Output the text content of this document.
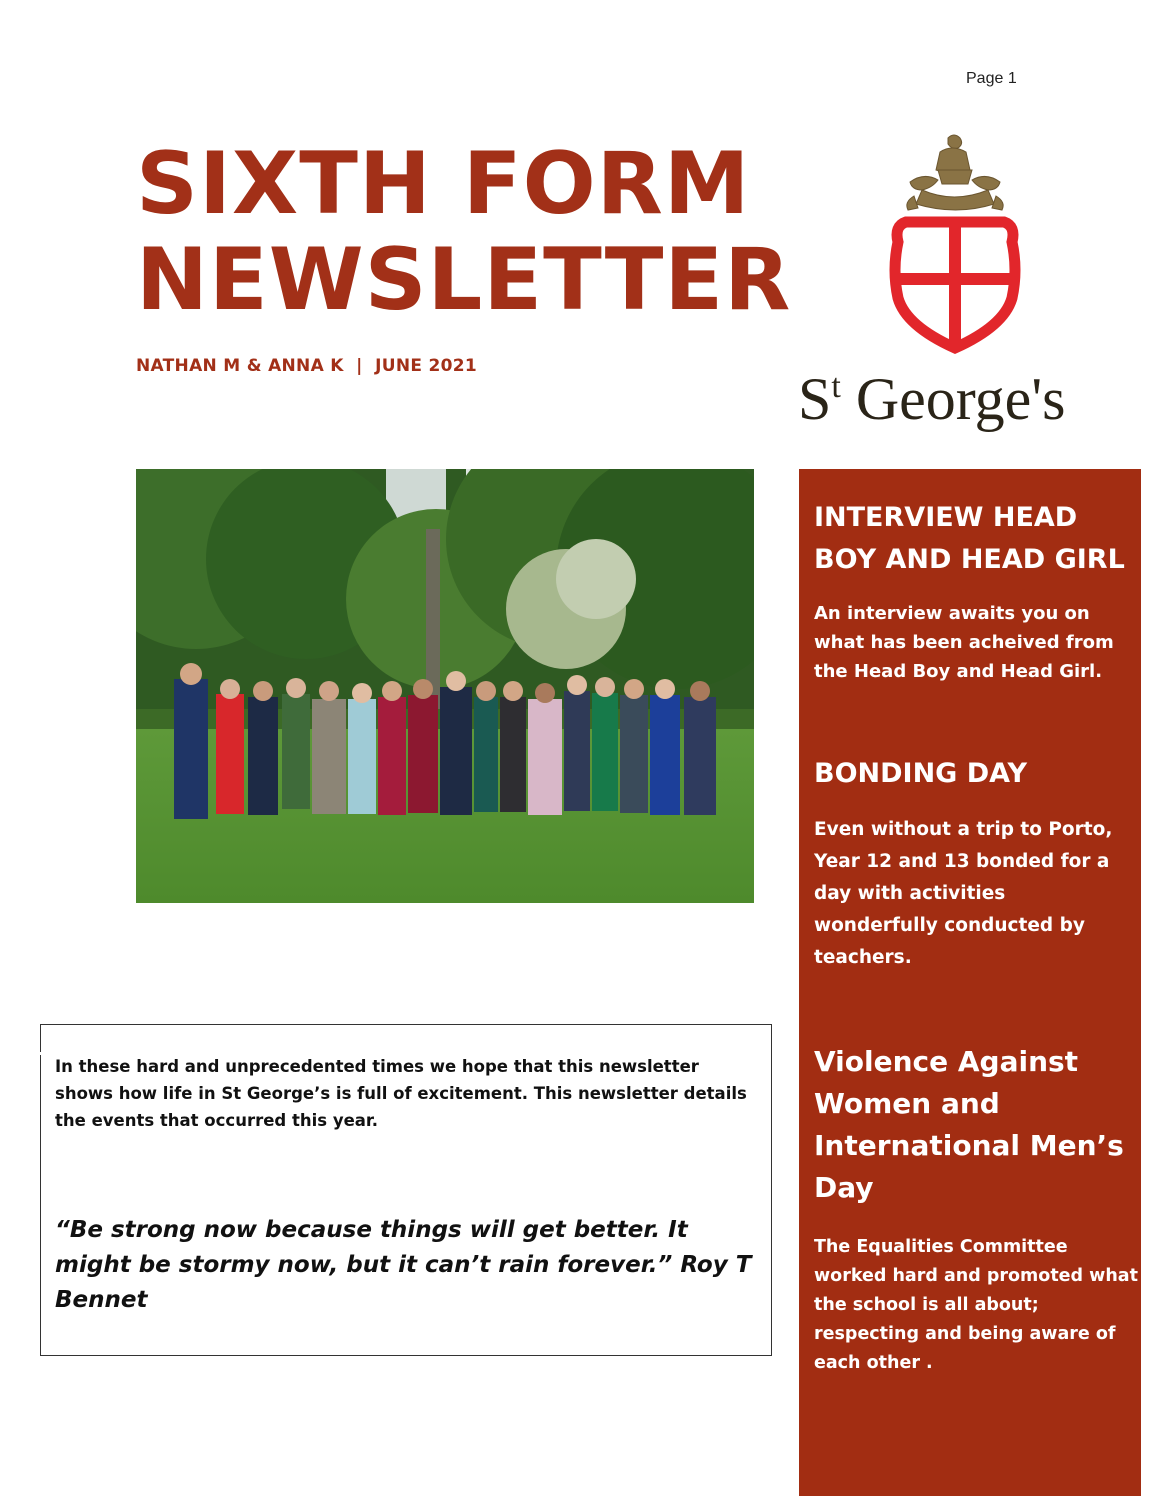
Page 1
SIXTH FORM
NEWSLETTER
NATHAN M & ANNA K  |  JUNE 2021	$S^t$ George's

In these hard and unprecedented times we hope that this newsletter shows how life in St George’s is full of excitement. This newsletter details the events that occurred this year.

“Be strong now because things will get better. It might be stormy now, but it can’t rain forever.” Roy T Bennet

INTERVIEW HEAD BOY AND HEAD GIRL

An interview awaits you on what has been acheived from the Head Boy and Head Girl.

BONDING DAY

Even without a trip to Porto, Year 12 and 13 bonded for a day with activities wonderfully conducted by teachers.

Violence Against Women and International Men’s Day

The Equalities Committee worked hard and promoted what the school is all about; respecting and being aware of each other .
